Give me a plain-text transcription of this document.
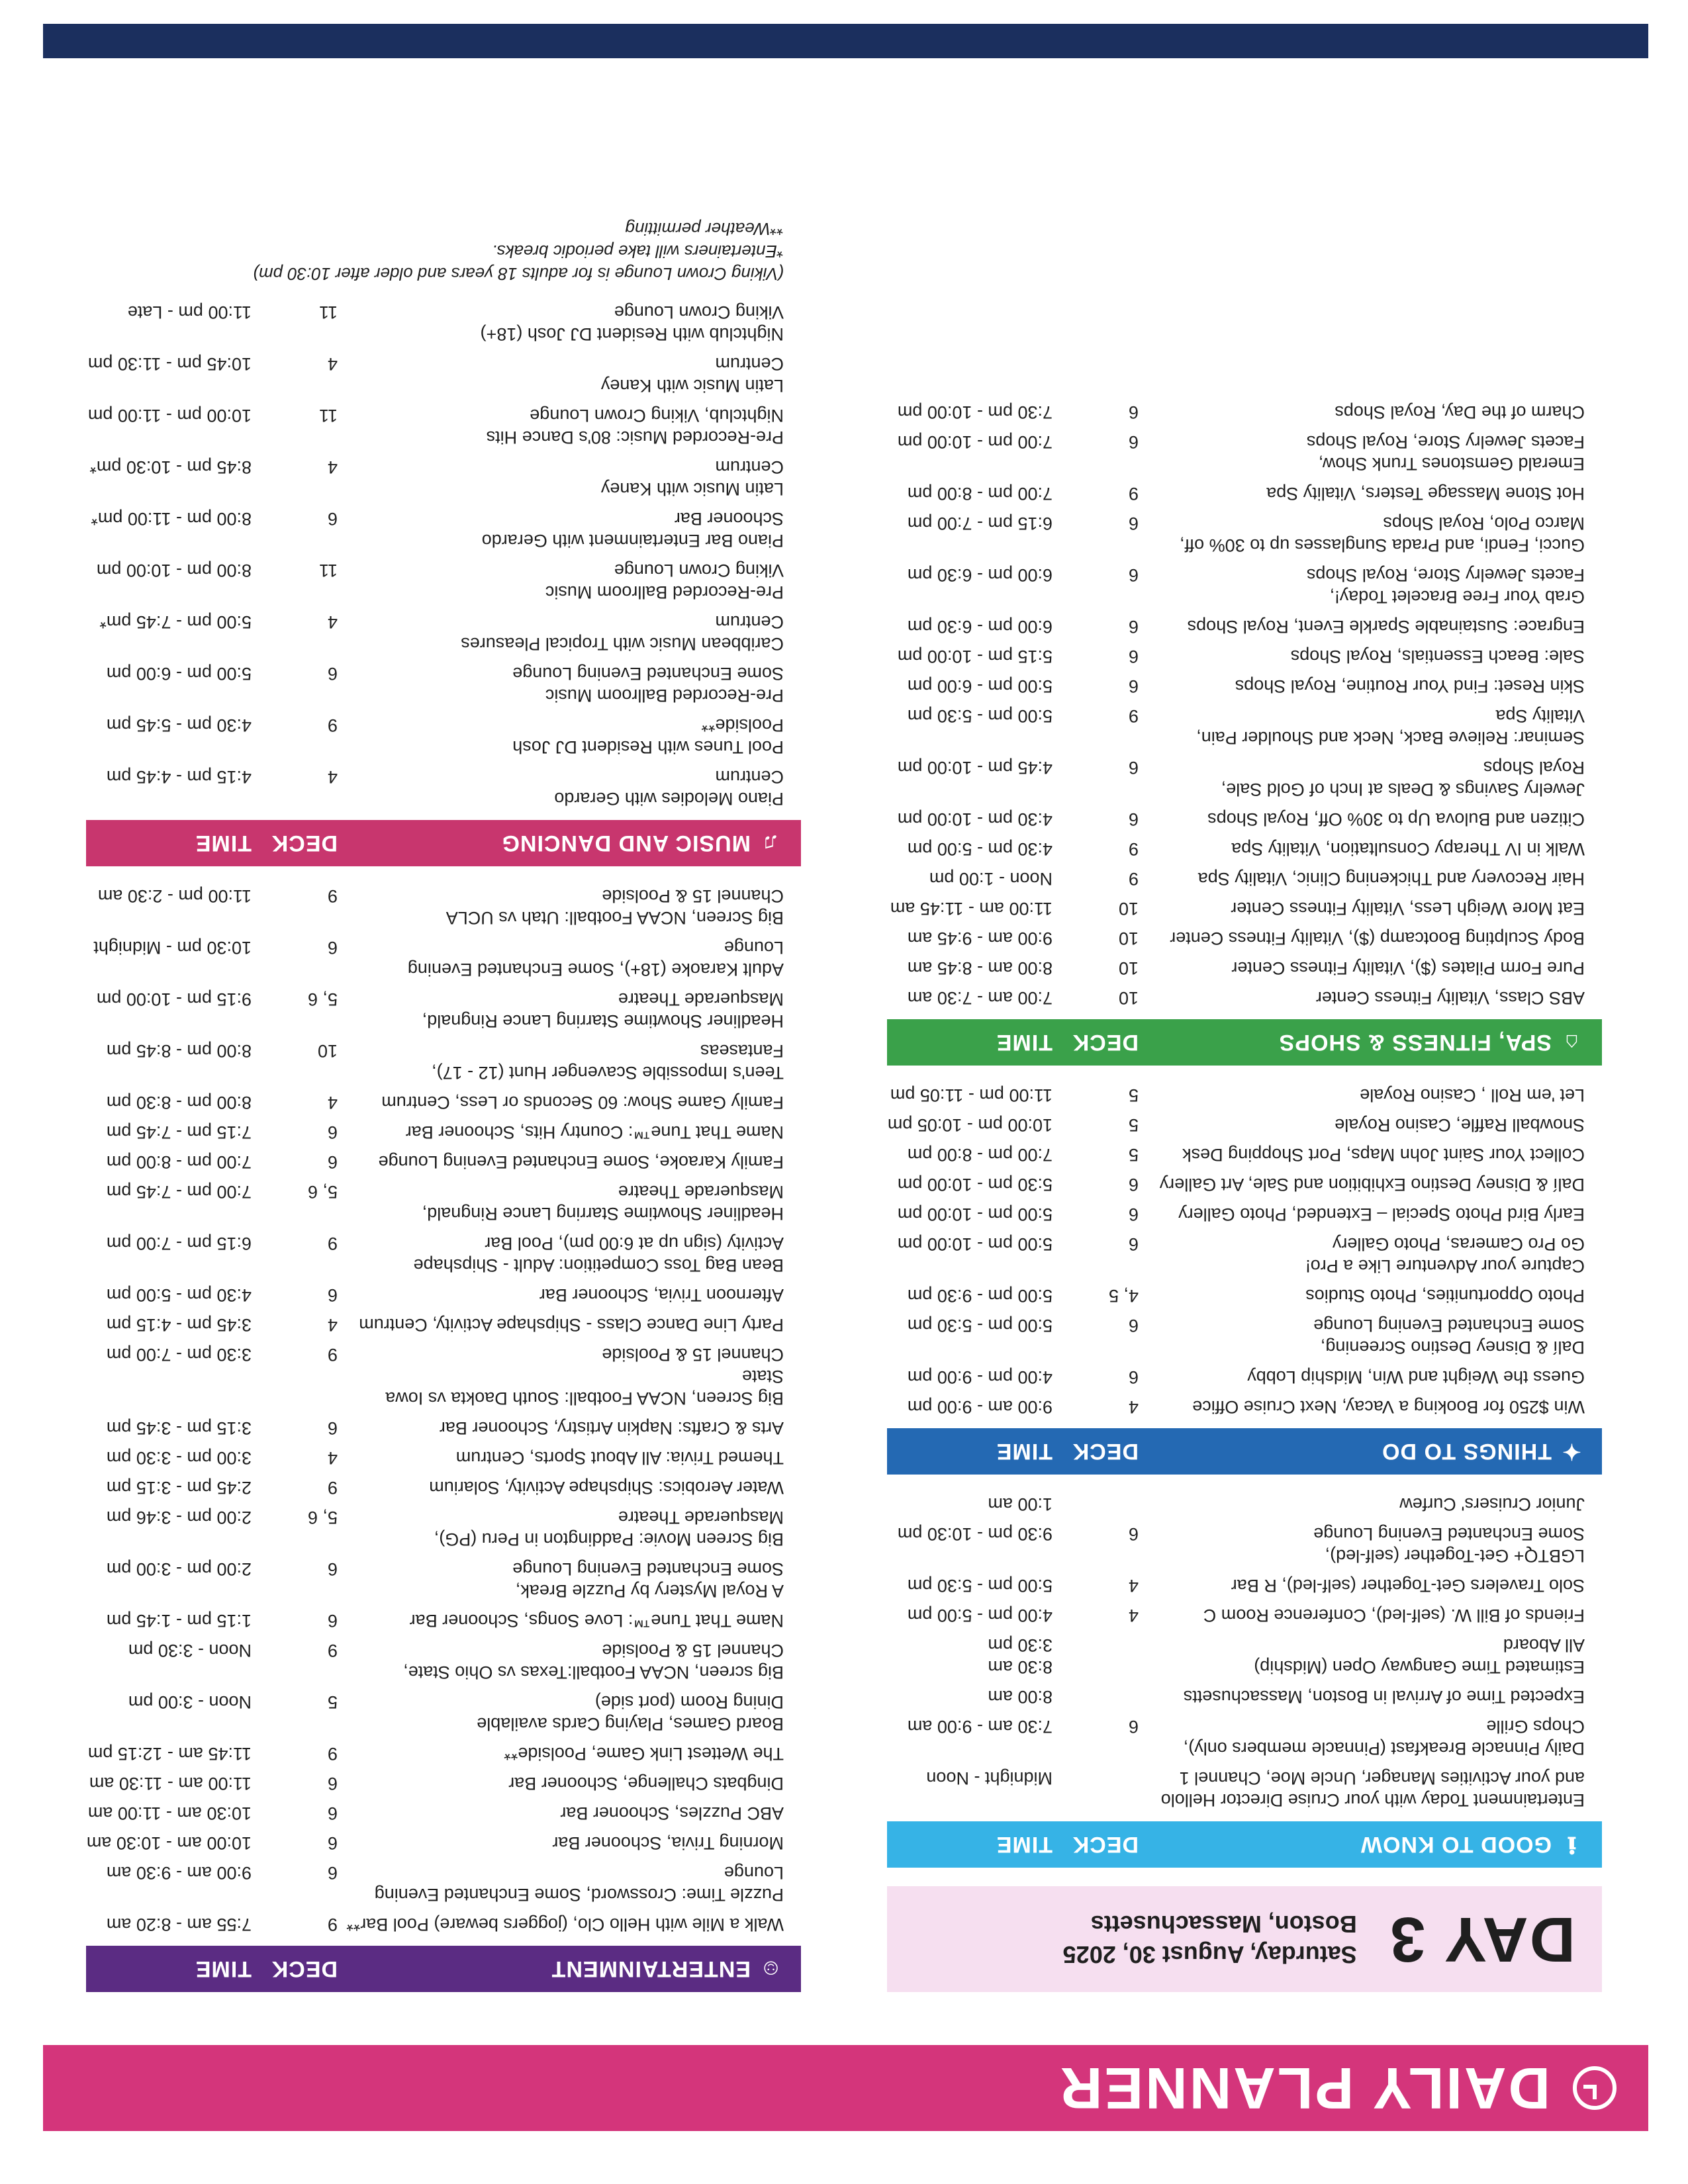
DAILY PLANNER
DAY 3
Saturday, August 30, 2025
Boston, Massachusetts
ℹ
GOOD TO KNOW
DECK
TIME
Entertainment Today with your Cruise Director Hellolo
and your Activities Manager, Uncle Moe, Channel 1
Midnight - Noon
Daily Pinnacle Breakfast (Pinnacle members only),
Chops Grille
6
7:30 am - 9:00 am
Expected Time of Arrival in Boston, Massachusetts
8:00 am
Estimated Time Gangway Open (Midship)
All Aboard
8:30 am
3:30 pm
Friends of Bill W. (self-led), Conference Room C
4
4:00 pm - 5:00 pm
Solo Travelers Get-Together (self-led), R Bar
4
5:00 pm - 5:30 pm
LGBTQ+ Get-Together (self-led),
Some Enchanted Evening Lounge
6
9:30 pm - 10:30 pm
Junior Cruisers' Curfew
1:00 am
✦
THINGS TO DO
DECK
TIME
Win $250 for Booking a Vacay, Next Cruise Office
4
9:00 am - 9:00 pm
Guess the Weight and Win, Midship Lobby
6
4:00 pm - 9:00 pm
Dalí & Disney Destino Screening,
Some Enchanted Evening Lounge
6
5:00 pm - 5:30 pm
Photo Opportunities, Photo Studios
4, 5
5:00 pm - 9:30 pm
Capture your Adventure Like a Pro!
Go Pro Cameras, Photo Gallery
6
5:00 pm - 10:00 pm
Early Bird Photo Special – Extended, Photo Gallery
6
5:00 pm - 10:00 pm
Dalí & Disney Destino Exhibition and Sale, Art Gallery
6
5:30 pm - 10:00 pm
Collect Your Saint John Maps, Port Shopping Desk
5
7:00 pm - 8:00 pm
Snowball Raffle, Casino Royale
5
10:00 pm - 10:05 pm
Let 'em Roll , Casino Royale
5
11:00 pm - 11:05 pm
⌂
SPA, FITNESS & SHOPS
DECK
TIME
ABS Class, Vitality Fitness Center
10
7:00 am - 7:30 am
Pure Form Pilates ($), Vitality Fitness Center
10
8:00 am - 8:45 am
Body Sculpting Bootcamp ($), Vitality Fitness Center
10
9:00 am - 9:45 am
Eat More Weigh Less, Vitality Fitness Center
10
11:00 am - 11:45 am
Hair Recovery and Thickening Clinic, Vitality Spa
9
Noon - 1:00 pm
Walk in IV Therapy Consultation, Vitality Spa
9
4:30 pm - 5:00 pm
Citizen and Bulova Up to 30% Off, Royal Shops
6
4:30 pm - 10:00 pm
Jewelry Savings & Deals at Inch of Gold Sale,
Royal Shops
6
4:45 pm - 10:00 pm
Seminar: Relieve Back, Neck and Shoulder Pain,
Vitality Spa
9
5:00 pm - 5:30 pm
Skin Reset: Find Your Routine, Royal Shops
6
5:00 pm - 6:00 pm
Sale: Beach Essentials, Royal Shops
6
5:15 pm - 10:00 pm
Engrace: Sustainable Sparkle Event, Royal Shops
6
6:00 pm - 6:30 pm
Grab Your Free Bracelet Today!,
Facets Jewelry Store, Royal Shops
6
6:00 pm - 6:30 pm
Gucci, Fendi, and Prada Sunglasses up to 30% off,
Marco Polo, Royal Shops
6
6:15 pm - 7:00 pm
Hot Stone Massage Testers, Vitality Spa
9
7:00 pm - 8:00 pm
Emerald Gemstones Trunk Show,
Facets Jewelry Store, Royal Shops
6
7:00 pm - 10:00 pm
Charm of the Day, Royal Shops
6
7:30 pm - 10:00 pm
☺
ENTERTAINMENT
DECK
TIME
Walk a Mile with Hello Clo, (joggers beware) Pool Bar**
9
7:55 am - 8:20 am
Puzzle Time: Crossword, Some Enchanted Evening Lounge
6
9:00 am - 9:30 am
Morning Trivia, Schooner Bar
6
10:00 am - 10:30 am
ABC Puzzles, Schooner Bar
6
10:30 am - 11:00 am
Dingbats Challenge, Schooner Bar
6
11:00 am - 11:30 am
The Wettest Link Game, Poolside**
9
11:45 am - 12:15 pm
Board Games, Playing Cards available
Dining Room (port side)
5
Noon - 3:00 pm
Big screen, NCAA Football:Texas vs Ohio State,
Channel 15 & Poolside
9
Noon - 3:30 pm
Name That Tune™: Love Songs, Schooner Bar
6
1:15 pm - 1:45 pm
A Royal Mystery by Puzzle Break,
Some Enchanted Evening Lounge
6
2:00 pm - 3:00 pm
Big Screen Movie: Paddington in Peru (PG),
Masquerade Theatre
5, 6
2:00 pm - 3:46 pm
Water Aerobics: Shipshape Activity, Solarium
9
2:45 pm - 3:15 pm
Themed Trivia: All About Sports, Centrum
4
3:00 pm - 3:30 pm
Arts & Crafts: Napkin Artistry, Schooner Bar
6
3:15 pm - 3:45 pm
Big Screen, NCAA Football: South Daokta vs Iowa State
Channel 15 & Poolside
9
3:30 pm - 7:00 pm
Party Line Dance Class - Shipshape Activity, Centrum
4
3:45 pm - 4:15 pm
Afternoon Trivia, Schooner Bar
6
4:30 pm - 5:00 pm
Bean Bag Toss Competition: Adult - Shipshape
Activity (sign up at 6:00 pm), Pool Bar
9
6:15 pm - 7:00 pm
Headliner Showtime Starring Lance Ringnald,
Masquerade Theatre
5, 6
7:00 pm - 7:45 pm
Family Karaoke, Some Enchanted Evening Lounge
6
7:00 pm - 8:00 pm
Name That Tune™: Country Hits, Schooner Bar
6
7:15 pm - 7:45 pm
Family Game Show: 60 Seconds or Less, Centrum
4
8:00 pm - 8:30 pm
Teen's Impossible Scavenger Hunt (12 - 17), Fantaseas
10
8:00 pm - 8:45 pm
Headliner Showtime Starring Lance Ringnald,
Masquerade Theatre
5, 6
9:15 pm - 10:00 pm
Adult Karaoke (18+), Some Enchanted Evening Lounge
6
10:30 pm - Midnight
Big Screen, NCAA Football: Utah vs UCLA
Channel 15 & Poolside
9
11:00 pm - 2:30 am
♫
MUSIC AND DANCING
DECK
TIME
Piano Melodies with Gerardo
Centrum
4
4:15 pm - 4:45 pm
Pool Tunes with Resident DJ Josh
Poolside**
9
4:30 pm - 5:45 pm
Pre-Recorded Ballroom Music
Some Enchanted Evening Lounge
6
5:00 pm - 6:00 pm
Caribbean Music with Tropical Pleasures
Centrum
4
5:00 pm - 7:45 pm*
Pre-Recorded Ballroom Music
Viking Crown Lounge
11
8:00 pm - 10:00 pm
Piano Bar Entertainment with Gerardo
Schooner Bar
6
8:00 pm - 11:00 pm*
Latin Music with Kaney
Centrum
4
8:45 pm - 10:30 pm*
Pre-Recorded Music: 80's Dance Hits
Nightclub, Viking Crown Lounge
11
10:00 pm - 11:00 pm
Latin Music with Kaney
Centrum
4
10:45 pm - 11:30 pm
Nightclub with Resident DJ Josh (18+)
Viking Crown Lounge
11
11:00 pm - Late
(Viking Crown Lounge is for adults 18 years and older after 10:30 pm)
*Entertainers will take periodic breaks.
**Weather permitting
